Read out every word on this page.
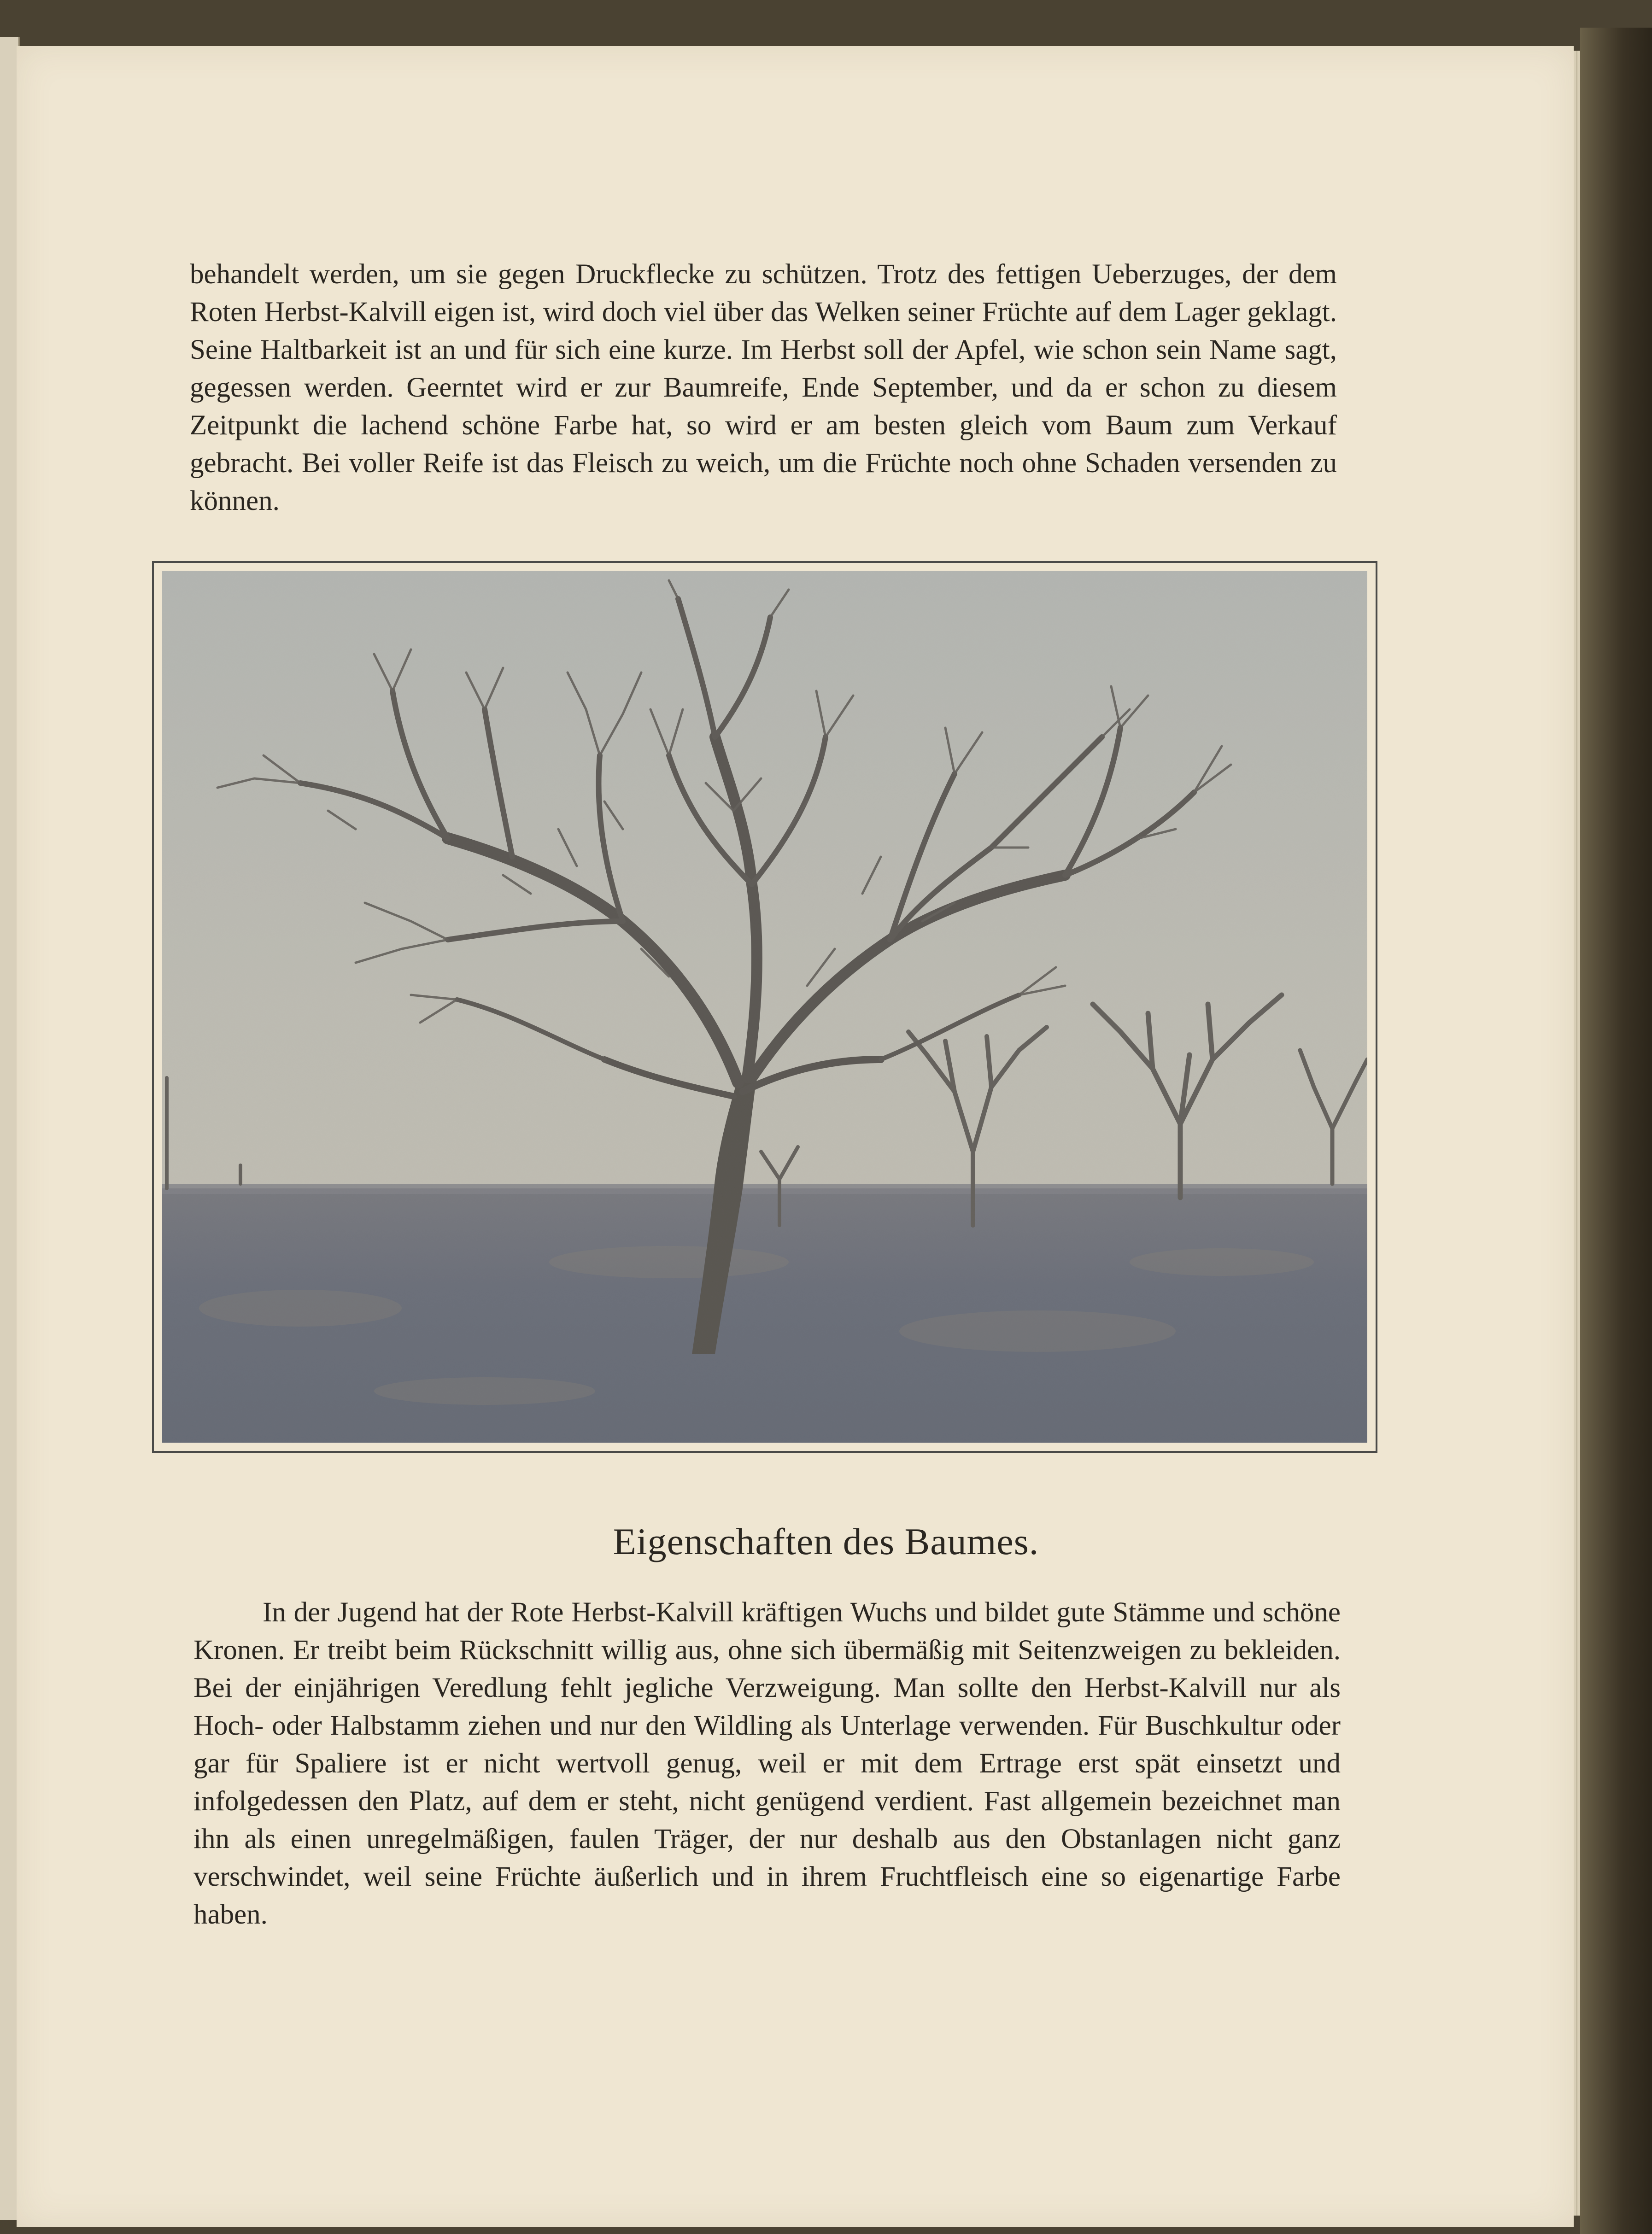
behandelt werden, um sie gegen Druckflecke zu schützen. Trotz des fettigen Ueberzuges, der dem Roten Herbst-Kalvill eigen ist, wird doch viel über das Welken seiner Früchte auf dem Lager geklagt. Seine Haltbarkeit ist an und für sich eine kurze. Im Herbst soll der Apfel, wie schon sein Name sagt, gegessen werden. Geerntet wird er zur Baumreife, Ende September, und da er schon zu diesem Zeitpunkt die lachend schöne Farbe hat, so wird er am besten gleich vom Baum zum Verkauf gebracht. Bei voller Reife ist das Fleisch zu weich, um die Früchte noch ohne Schaden versenden zu können.

Eigenschaften des Baumes.

In der Jugend hat der Rote Herbst-Kalvill kräftigen Wuchs und bildet gute Stämme und schöne Kronen. Er treibt beim Rückschnitt willig aus, ohne sich übermäßig mit Seitenzweigen zu bekleiden. Bei der einjährigen Veredlung fehlt jegliche Verzweigung. Man sollte den Herbst-Kalvill nur als Hoch- oder Halbstamm ziehen und nur den Wildling als Unterlage verwenden. Für Buschkultur oder gar für Spaliere ist er nicht wertvoll genug, weil er mit dem Ertrage erst spät einsetzt und infolgedessen den Platz, auf dem er steht, nicht genügend verdient. Fast allgemein bezeichnet man ihn als einen unregelmäßigen, faulen Träger, der nur deshalb aus den Obstanlagen nicht ganz verschwindet, weil seine Früchte äußerlich und in ihrem Fruchtfleisch eine so eigenartige Farbe haben.
